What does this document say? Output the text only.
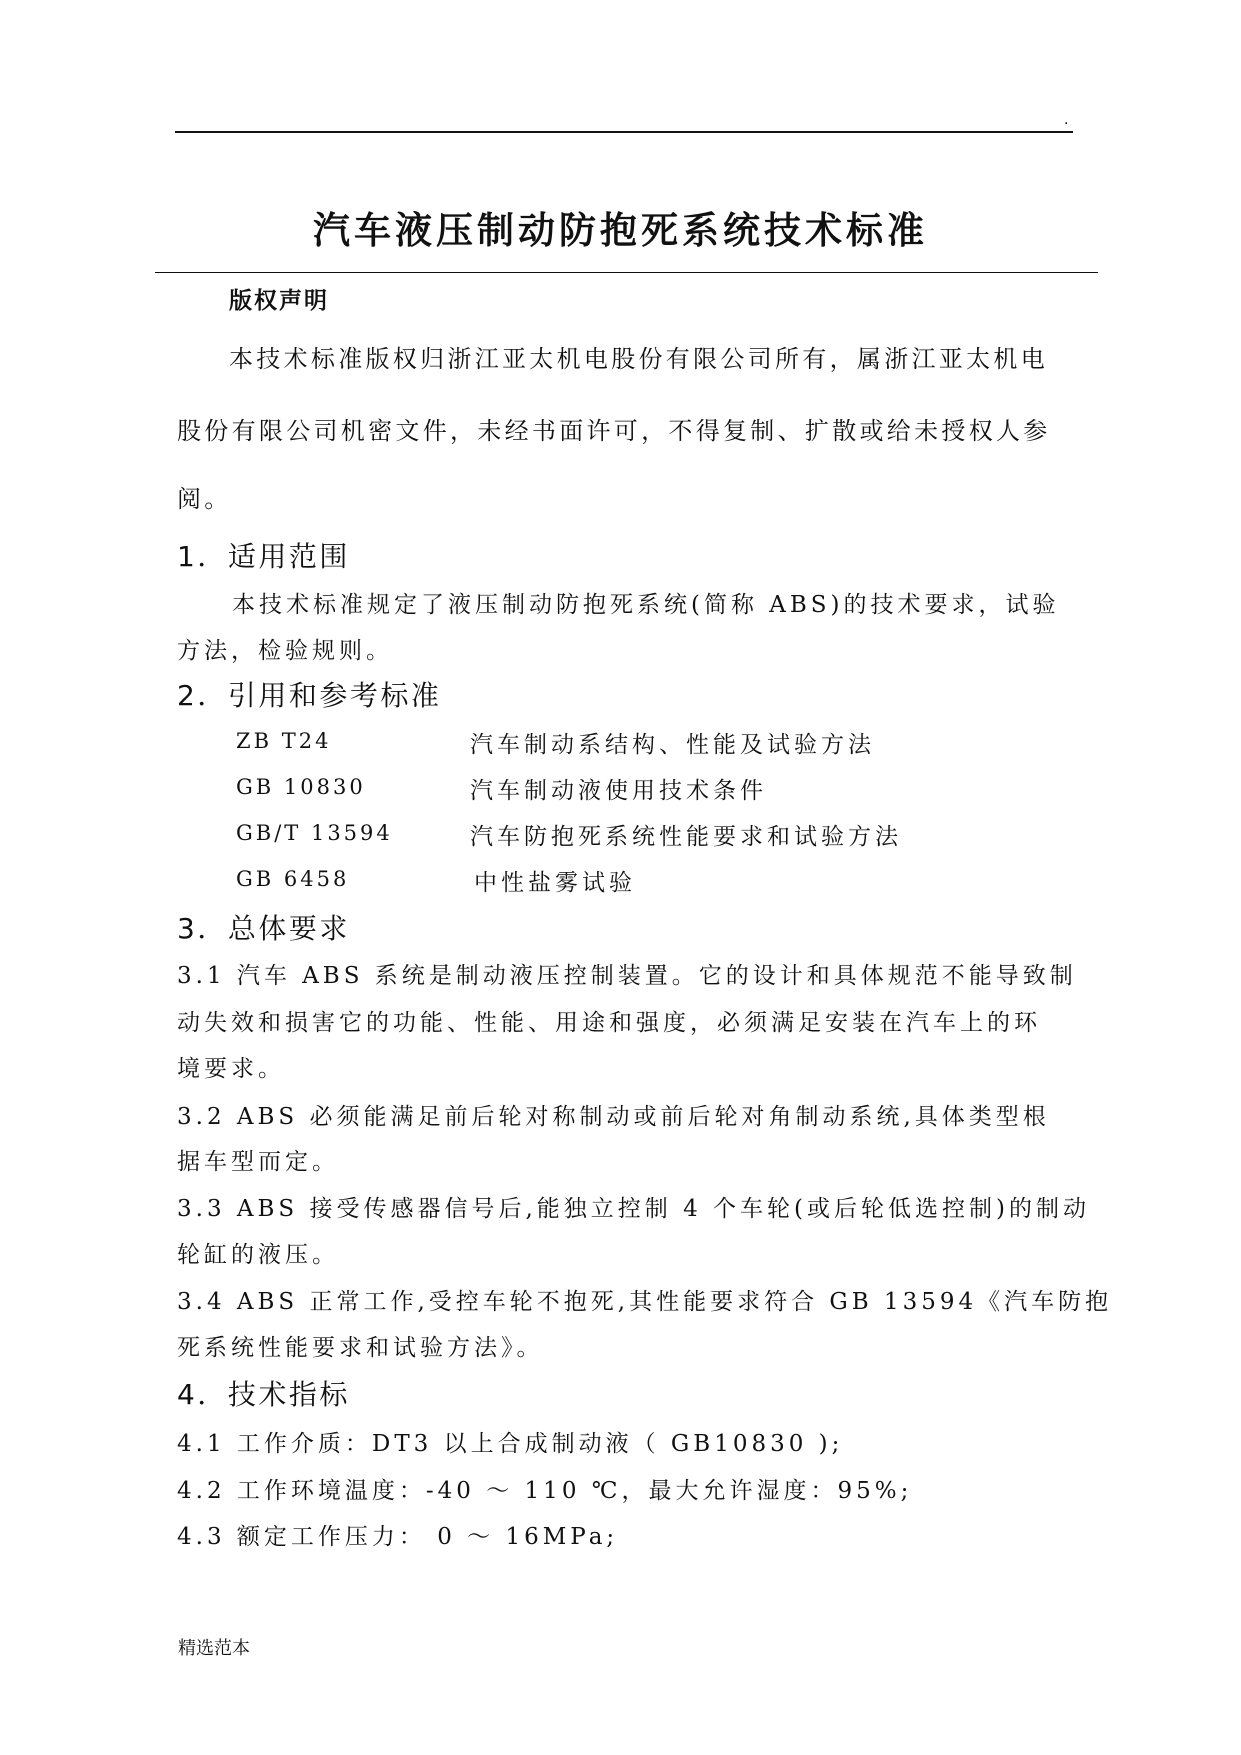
.
汽车液压制动防抱死系统技术标准
版权声明
本技术标准版权归浙江亚太机电股份有限公司所有，属浙江亚太机电
股份有限公司机密文件，未经书面许可，不得复制、扩散或给未授权人参
阅。
1．适用范围
本技术标准规定了液压制动防抱死系统(简称 ABS)的技术要求，试验
方法，检验规则。
2．引用和参考标准
ZB T24	汽车制动系结构、性能及试验方法
GB 10830	汽车制动液使用技术条件
GB/T 13594	汽车防抱死系统性能要求和试验方法
GB 6458	中性盐雾试验
3．总体要求
3.1 汽车 ABS 系统是制动液压控制装置。它的设计和具体规范不能导致制
动失效和损害它的功能、性能、用途和强度，必须满足安装在汽车上的环
境要求。
3.2 ABS 必须能满足前后轮对称制动或前后轮对角制动系统,具体类型根
据车型而定。
3.3 ABS 接受传感器信号后,能独立控制 4 个车轮(或后轮低选控制)的制动
轮缸的液压。
3.4 ABS 正常工作,受控车轮不抱死,其性能要求符合 GB 13594《汽车防抱
死系统性能要求和试验方法》。
4．技术指标
4.1 工作介质：DT3 以上合成制动液（ GB10830 );
4.2 工作环境温度：-40 ～ 110 ℃，最大允许湿度：95%;
4.3 额定工作压力： 0 ～ 16MPa;
精选范本
